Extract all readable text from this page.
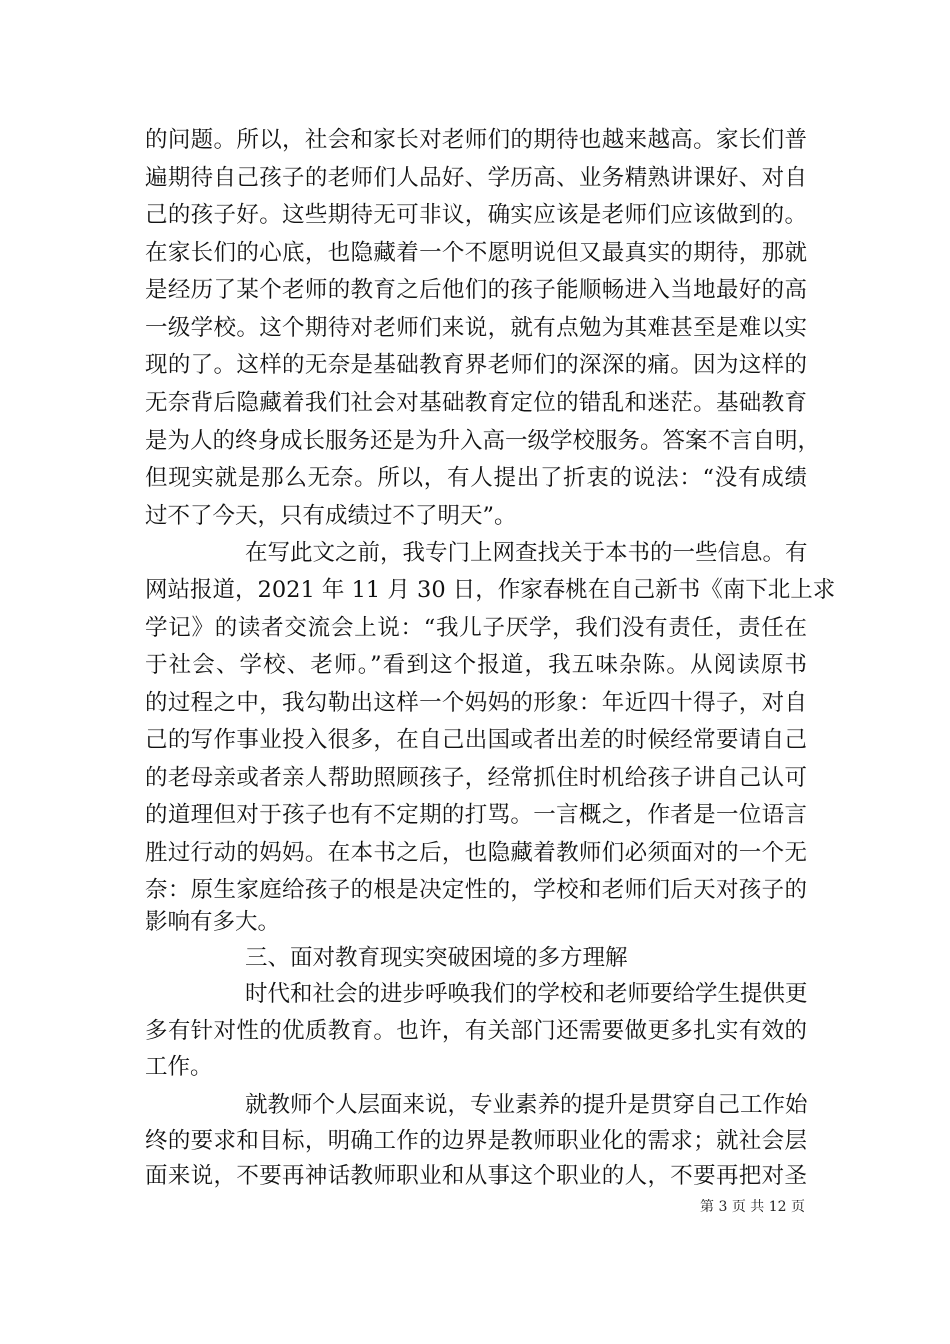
的问题。所以，社会和家长对老师们的期待也越来越高。家长们普
遍期待自己孩子的老师们人品好、学历高、业务精熟讲课好、对自
己的孩子好。这些期待无可非议，确实应该是老师们应该做到的。
在家长们的心底，也隐藏着一个不愿明说但又最真实的期待，那就
是经历了某个老师的教育之后他们的孩子能顺畅进入当地最好的高
一级学校。这个期待对老师们来说，就有点勉为其难甚至是难以实
现的了。这样的无奈是基础教育界老师们的深深的痛。因为这样的
无奈背后隐藏着我们社会对基础教育定位的错乱和迷茫。基础教育
是为人的终身成长服务还是为升入高一级学校服务。答案不言自明，
但现实就是那么无奈。所以，有人提出了折衷的说法：“没有成绩
过不了今天，只有成绩过不了明天”。
在写此文之前，我专门上网查找关于本书的一些信息。有
网站报道，2021 年 11 月 30 日，作家春桃在自己新书《南下北上求
学记》的读者交流会上说：“我儿子厌学，我们没有责任，责任在
于社会、学校、老师。”看到这个报道，我五味杂陈。从阅读原书
的过程之中，我勾勒出这样一个妈妈的形象：年近四十得子，对自
己的写作事业投入很多，在自己出国或者出差的时候经常要请自己
的老母亲或者亲人帮助照顾孩子，经常抓住时机给孩子讲自己认可
的道理但对于孩子也有不定期的打骂。一言概之，作者是一位语言
胜过行动的妈妈。在本书之后，也隐藏着教师们必须面对的一个无
奈：原生家庭给孩子的根是决定性的，学校和老师们后天对孩子的
影响有多大。
三、面对教育现实突破困境的多方理解
时代和社会的进步呼唤我们的学校和老师要给学生提供更
多有针对性的优质教育。也许，有关部门还需要做更多扎实有效的
工作。
就教师个人层面来说，专业素养的提升是贯穿自己工作始
终的要求和目标，明确工作的边界是教师职业化的需求；就社会层
面来说，不要再神话教师职业和从事这个职业的人，不要再把对圣
第 3 页 共 12 页
